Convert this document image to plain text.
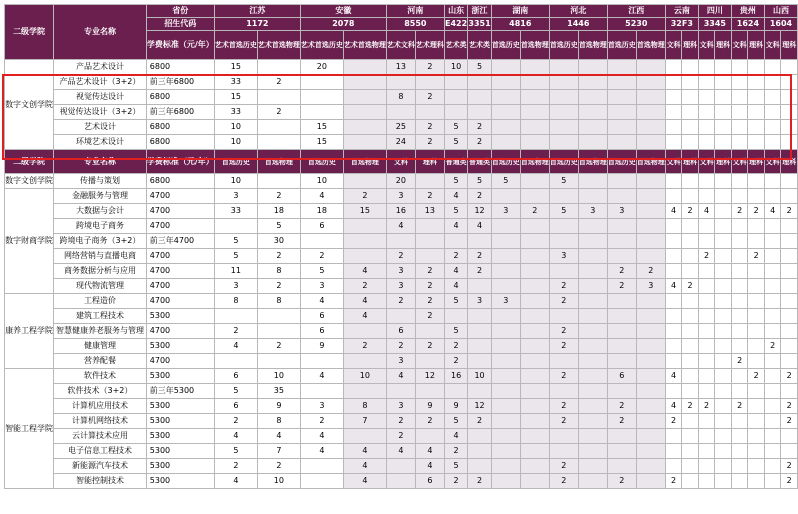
二级学院	专业名称	省份	江苏		安徽		河南		山东	浙江	湖南		河北		江西		云南		四川		贵州		山西	
		招生代码	1172		2078		8550		E422	3351	4816		1446		5230		32F3		3345		1624		1604	
		学费标准（元/年）	艺术首选历史	艺术首选物理	艺术首选历史	艺术首选物理	艺术文科	艺术理科	艺术类	艺术类	首选历史	首选物理	首选历史	首选物理	首选历史	首选物理	文科	理科	文科	理科	文科	理科	文科	理科
数字文创学院	产品艺术设计	6800	15		20		13	2	10	5														
	产品艺术设计（3+2）	前三年6800	33	2																				
	视觉传达设计	6800	15				8	2																
	视觉传达设计（3+2）	前三年6800	33	2																				
	艺术设计	6800	10		15		25	2	5	2														
	环境艺术设计	6800	10		15		24	2	5	2														
二级学院	专业名称	学费标准（元/年）	首选历史	首选物理	首选历史	首选物理	文科	理科	普通类	普通类	首选历史	首选物理	首选历史	首选物理	首选历史	首选物理	文科	理科	文科	理科	文科	理科	文科	理科
数字文创学院	传播与策划	6800	10		10		20		5	5	5		5											
数字财商学院	金融服务与管理	4700	3	2	4	2	3	2	4	2														
	大数据与会计	4700	33	18	18	15	16	13	5	12	3	2	5	3	3		4	2	4		2	2	4	2
	跨境电子商务	4700		5	6		4		4	4														
	跨境电子商务（3+2）	前三年4700	5	30																				
	网络营销与直播电商	4700	5	2	2		2		2	2			3						2			2		
	商务数据分析与应用	4700	11	8	5	4	3	2	4	2					2	2								
	现代物流管理	4700	3	2	3	2	3	2	4				2		2	3	4	2						
康养工程学院	工程造价	4700	8	8	4	4	2	2	5	3	3		2											
	建筑工程技术	5300			6	4		2																
	智慧健康养老服务与管理	4700	2		6		6		5				2											
	健康管理	5300	4	2	9	2	2	2	2				2										2	
	营养配餐	4700					3		2												2			
智能工程学院	软件技术	5300	6	10	4	10	4	12	16	10			2		6		4					2		2
	软件技术（3+2）	前三年5300	5	35																				
	计算机应用技术	5300	6	9	3	8	3	9	9	12			2		2		4	2	2		2			2
	计算机网络技术	5300	2	8	2	7	2	2	5	2			2		2		2							2
	云计算技术应用	5300	4	4	4		2		4															
	电子信息工程技术	5300	5	7	4	4	4	4	2															
	新能源汽车技术	5300	2	2		4		4	5				2											2
	智能控制技术	5300	4	10		4		6	2	2			2		2		2							2
